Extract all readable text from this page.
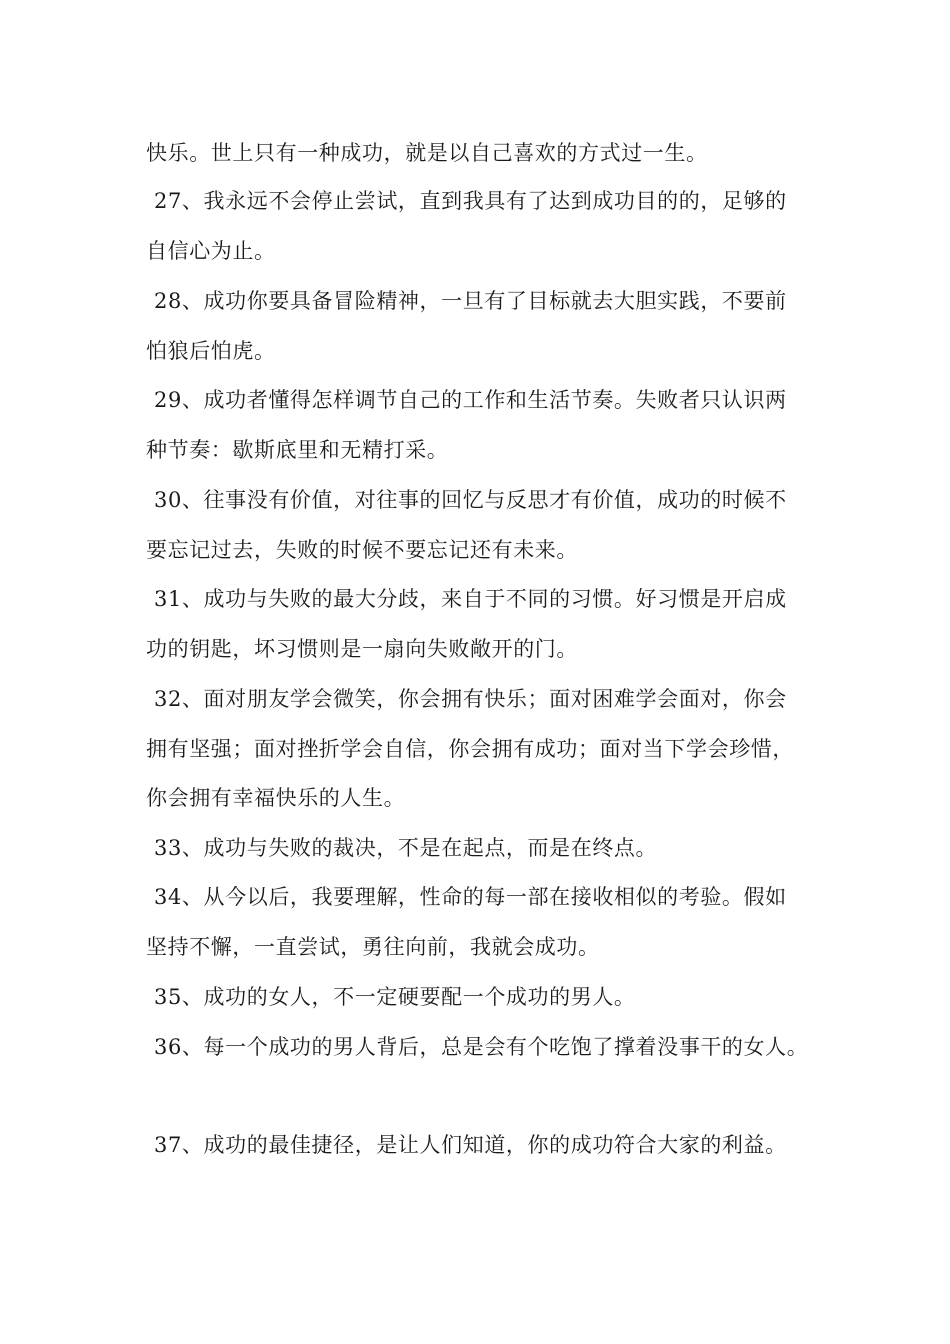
快乐。世上只有一种成功，就是以自己喜欢的方式过一生。
27、我永远不会停止尝试，直到我具有了达到成功目的的，足够的
自信心为止。
28、成功你要具备冒险精神，一旦有了目标就去大胆实践，不要前
怕狼后怕虎。
29、成功者懂得怎样调节自己的工作和生活节奏。失败者只认识两
种节奏：歇斯底里和无精打采。
30、往事没有价值，对往事的回忆与反思才有价值，成功的时候不
要忘记过去，失败的时候不要忘记还有未来。
31、成功与失败的最大分歧，来自于不同的习惯。好习惯是开启成
功的钥匙，坏习惯则是一扇向失败敞开的门。
32、面对朋友学会微笑，你会拥有快乐；面对困难学会面对，你会
拥有坚强；面对挫折学会自信，你会拥有成功；面对当下学会珍惜，
你会拥有幸福快乐的人生。
33、成功与失败的裁决，不是在起点，而是在终点。
34、从今以后，我要理解，性命的每一部在接收相似的考验。假如
坚持不懈，一直尝试，勇往向前，我就会成功。
35、成功的女人，不一定硬要配一个成功的男人。
36、每一个成功的男人背后，总是会有个吃饱了撑着没事干的女人。
37、成功的最佳捷径，是让人们知道，你的成功符合大家的利益。
